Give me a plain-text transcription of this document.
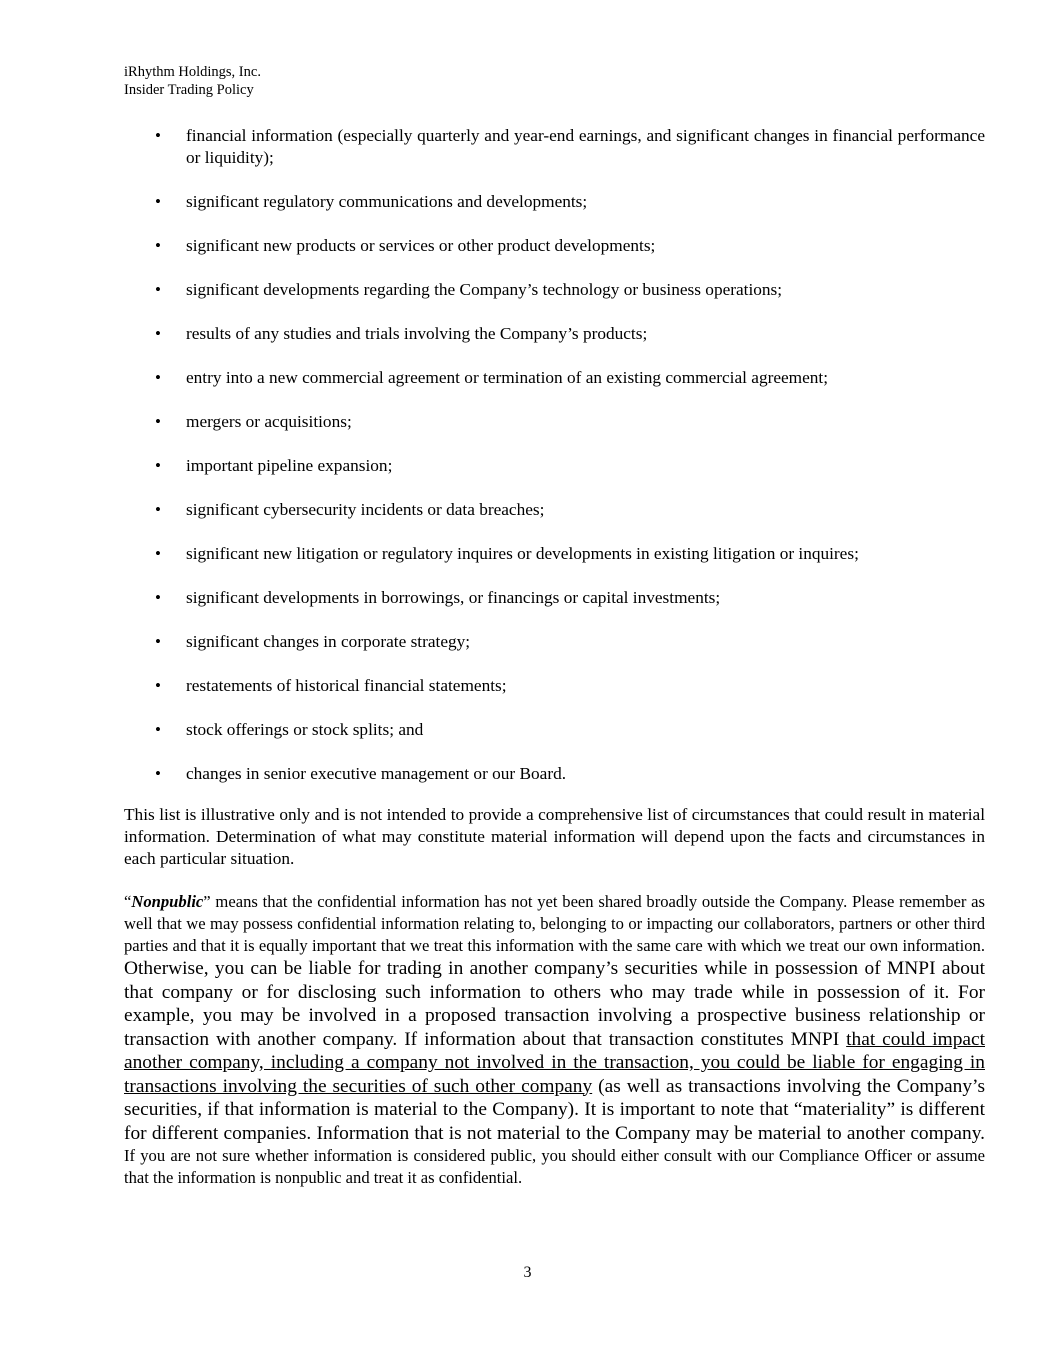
iRhythm Holdings, Inc.
Insider Trading Policy
• financial information (especially quarterly and year-end earnings, and significant changes in financial performance or liquidity);
• significant regulatory communications and developments;
• significant new products or services or other product developments;
• significant developments regarding the Company’s technology or business operations;
• results of any studies and trials involving the Company’s products;
• entry into a new commercial agreement or termination of an existing commercial agreement;
• mergers or acquisitions;
• important pipeline expansion;
• significant cybersecurity incidents or data breaches;
• significant new litigation or regulatory inquires or developments in existing litigation or inquires;
• significant developments in borrowings, or financings or capital investments;
• significant changes in corporate strategy;
• restatements of historical financial statements;
• stock offerings or stock splits; and
• changes in senior executive management or our Board.

This list is illustrative only and is not intended to provide a comprehensive list of circumstances that could result in material information. Determination of what may constitute material information will depend upon the facts and circumstances in each particular situation.

“Nonpublic” means that the confidential information has not yet been shared broadly outside the Company. Please remember as well that we may possess confidential information relating to, belonging to or impacting our collaborators, partners or other third parties and that it is equally important that we treat this information with the same care with which we treat our own information. Otherwise, you can be liable for trading in another company’s securities while in possession of MNPI about that company or for disclosing such information to others who may trade while in possession of it. For example, you may be involved in a proposed transaction involving a prospective business relationship or transaction with another company. If information about that transaction constitutes MNPI that could impact another company, including a company not involved in the transaction, you could be liable for engaging in transactions involving the securities of such other company (as well as transactions involving the Company’s securities, if that information is material to the Company). It is important to note that “materiality” is different for different companies. Information that is not material to the Company may be material to another company. If you are not sure whether information is considered public, you should either consult with our Compliance Officer or assume that the information is nonpublic and treat it as confidential.

3
